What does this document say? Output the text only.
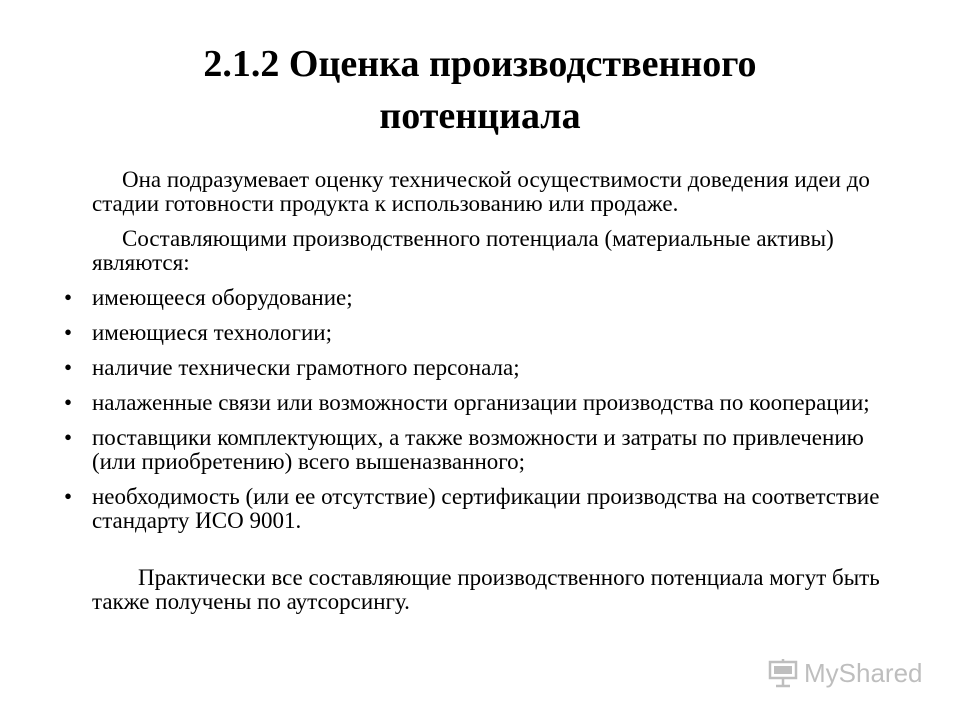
2.1.2 Оценка производственного
потенциала

Она подразумевает оценку технической осуществимости доведения идеи до стадии готовности продукта к использованию или продаже.

Составляющими производственного потенциала (материальные активы) являются:

• имеющееся оборудование;
• имеющиеся технологии;
• наличие технически грамотного персонала;
• налаженные связи или возможности организации производства по кооперации;
• поставщики комплектующих, а также возможности и затраты по привлечению (или приобретению) всего вышеназванного;
• необходимость (или ее отсутствие) сертификации производства на соответствие стандарту ИСО 9001.

Практически все составляющие производственного потенциала могут быть также получены по аутсорсингу.

MyShared
